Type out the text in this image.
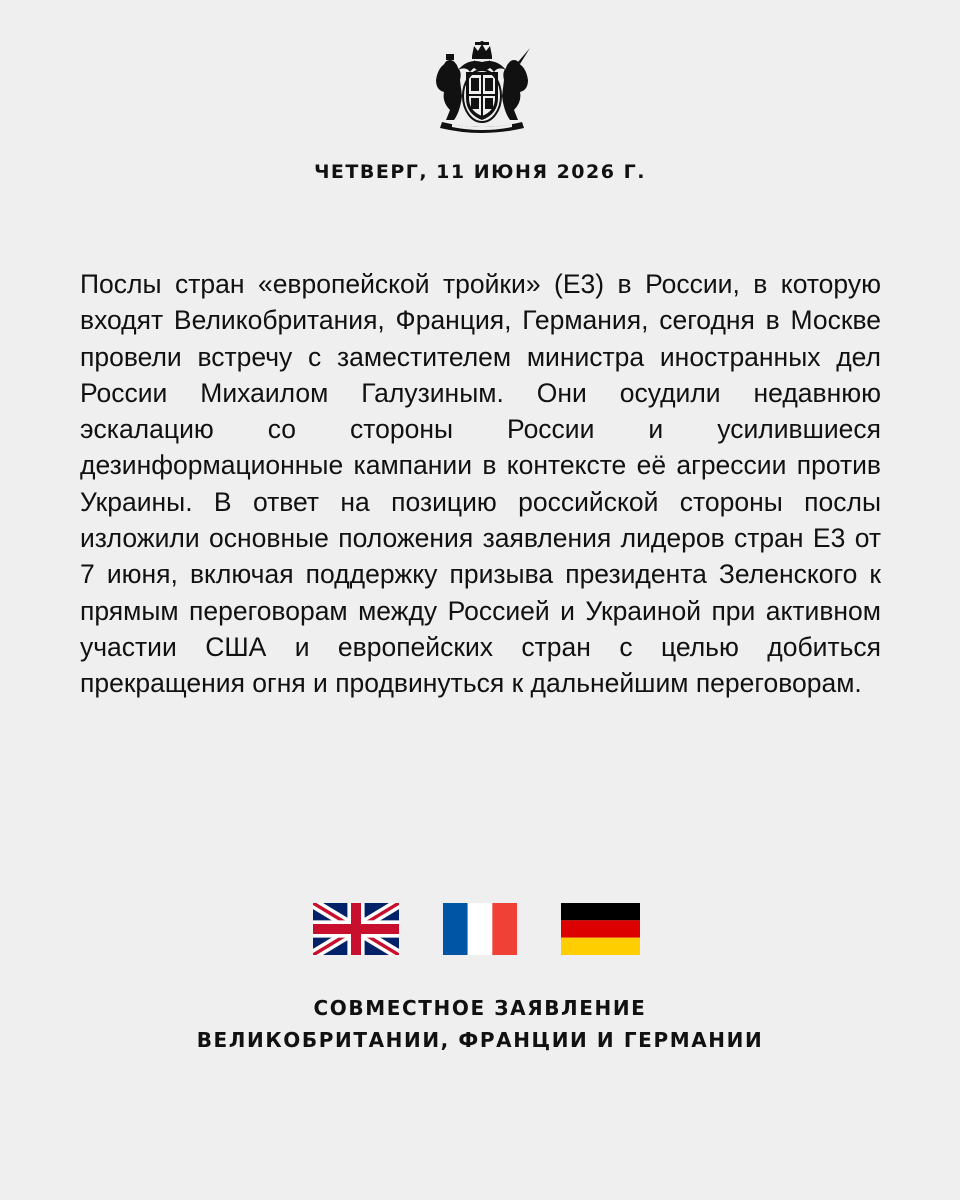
ЧЕТВЕРГ, 11 ИЮНЯ 2026 Г.

Послы стран «европейской тройки» (Е3) в России, в которую входят Великобритания, Франция, Германия, сегодня в Москве провели встречу с заместителем министра иностранных дел России Михаилом Галузиным. Они осудили недавнюю эскалацию со стороны России и усилившиеся дезинформационные кампании в контексте её агрессии против Украины. В ответ на позицию российской стороны послы изложили основные положения заявления лидеров стран Е3 от 7 июня, включая поддержку призыва президента Зеленского к прямым переговорам между Россией и Украиной при активном участии США и европейских стран с целью добиться прекращения огня и продвинуться к дальнейшим переговорам.

СОВМЕСТНОЕ ЗАЯВЛЕНИЕ
ВЕЛИКОБРИТАНИИ, ФРАНЦИИ И ГЕРМАНИИ
